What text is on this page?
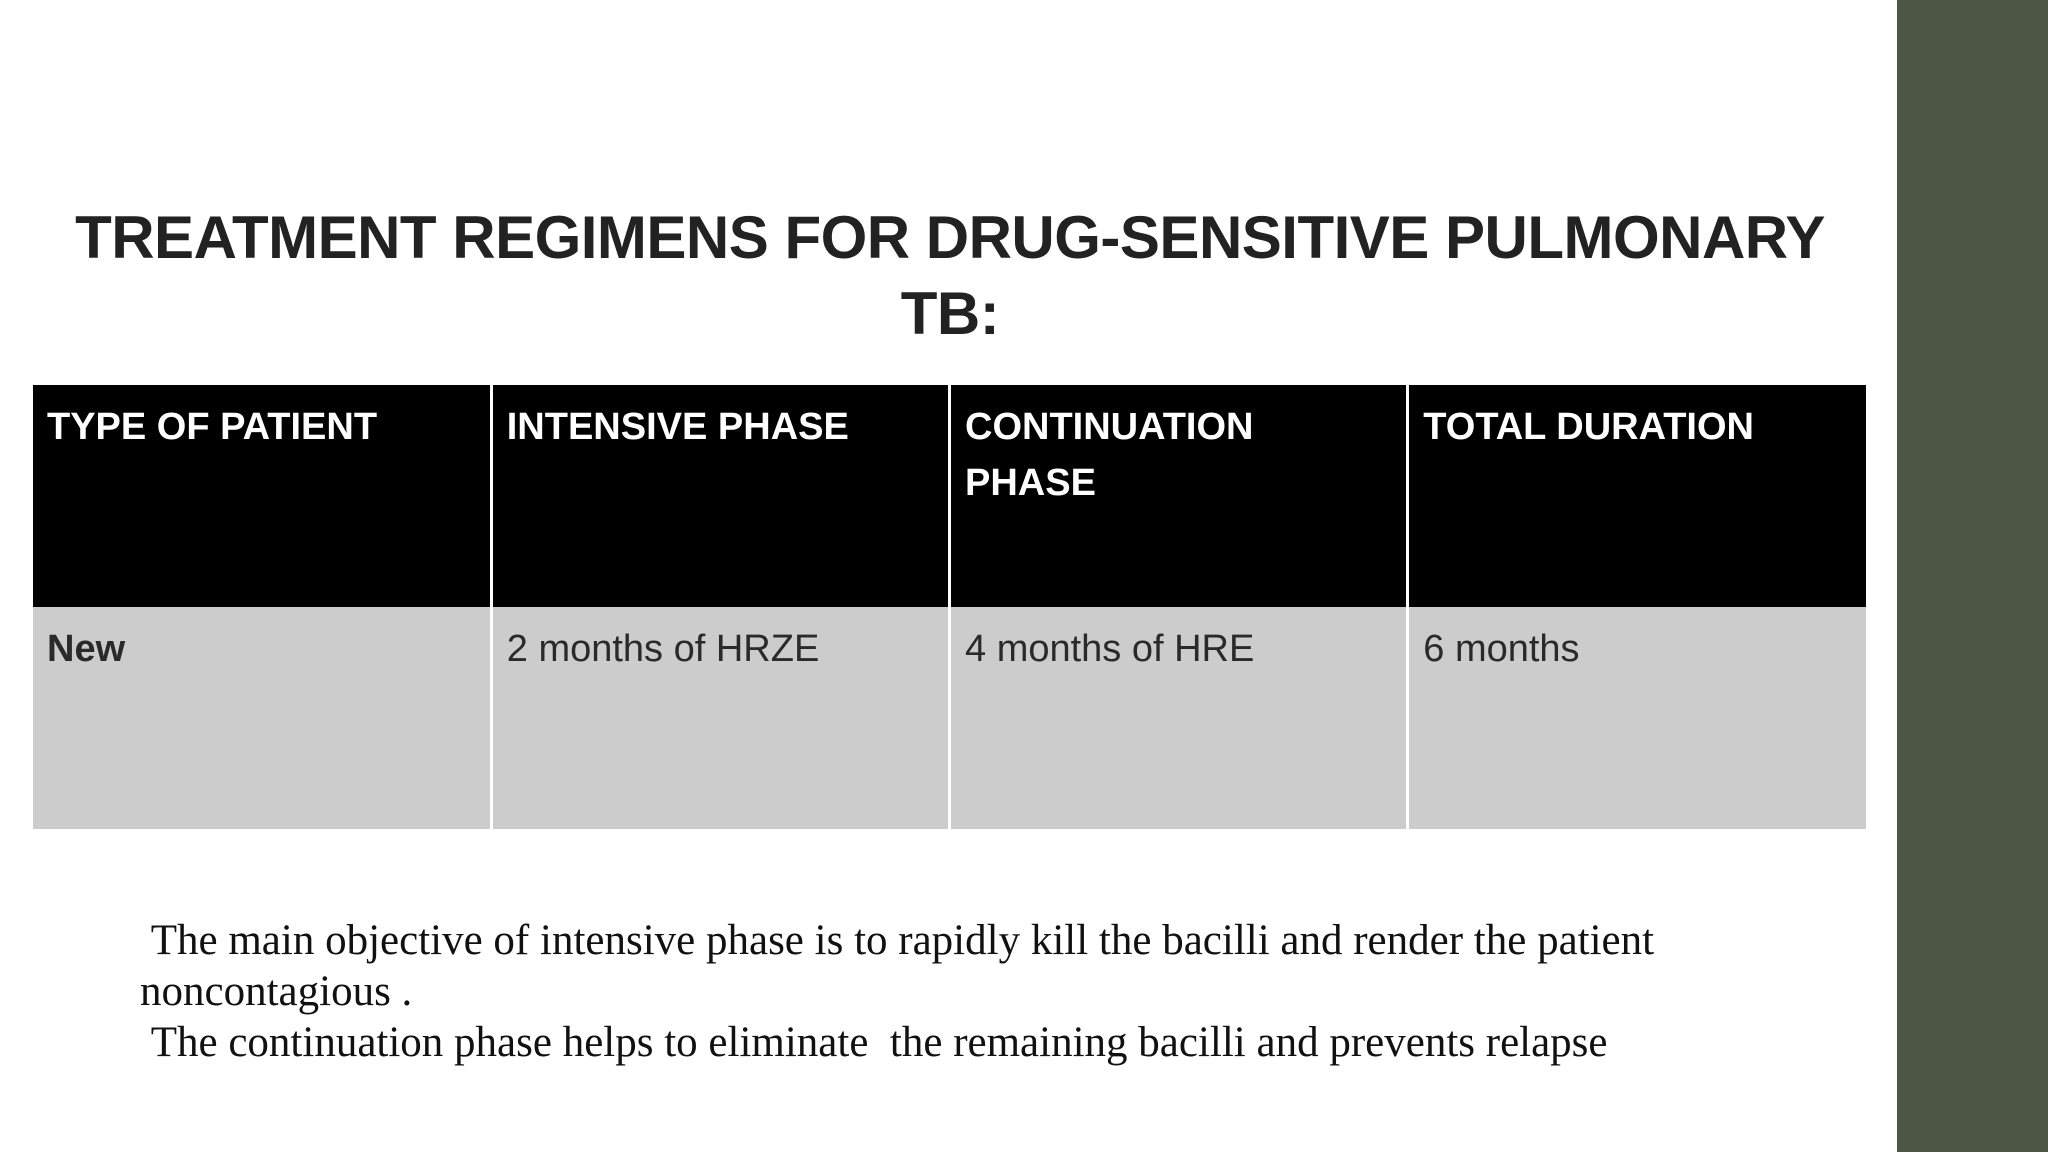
TREATMENT REGIMENS FOR DRUG-SENSITIVE PULMONARY TB:
TYPE OF PATIENT	INTENSIVE PHASE	CONTINUATION PHASE	TOTAL DURATION
New	2 months of HRZE	4 months of HRE	6 months

The main objective of intensive phase is to rapidly kill the bacilli and render the patient  noncontagious .

The continuation phase helps to eliminate  the remaining bacilli and prevents relapse
